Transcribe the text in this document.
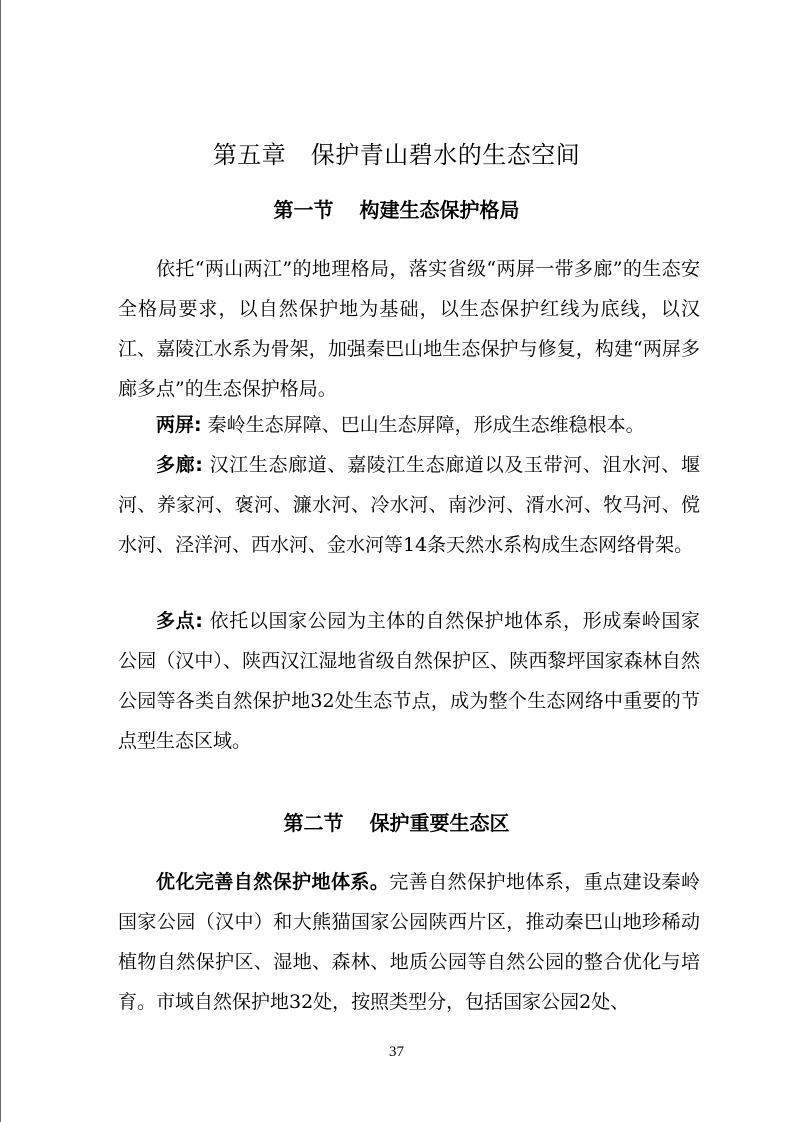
第五章　保护青山碧水的生态空间
第一节 构建生态保护格局

依托“两山两江”的地理格局，落实省级“两屏一带多廊”的生态安全格局要求，以自然保护地为基础，以生态保护红线为底线，以汉江、嘉陵江水系为骨架，加强秦巴山地生态保护与修复，构建“两屏多廊多点”的生态保护格局。

两屏: 秦岭生态屏障、巴山生态屏障，形成生态维稳根本。

多廊: 汉江生态廊道、嘉陵江生态廊道以及玉带河、沮水河、堰河、养家河、褒河、濂水河、冷水河、南沙河、湑水河、牧马河、傥水河、泾洋河、西水河、金水河等14条天然水系构成生态网络骨架。

多点: 依托以国家公园为主体的自然保护地体系，形成秦岭国家公园（汉中）、陕西汉江湿地省级自然保护区、陕西黎坪国家森林自然公园等各类自然保护地32处生态节点，成为整个生态网络中重要的节点型生态区域。

第二节 保护重要生态区

优化完善自然保护地体系。完善自然保护地体系，重点建设秦岭国家公园（汉中）和大熊猫国家公园陕西片区，推动秦巴山地珍稀动植物自然保护区、湿地、森林、地质公园等自然公园的整合优化与培育。市域自然保护地32处，按照类型分，包括国家公园2处、

37
